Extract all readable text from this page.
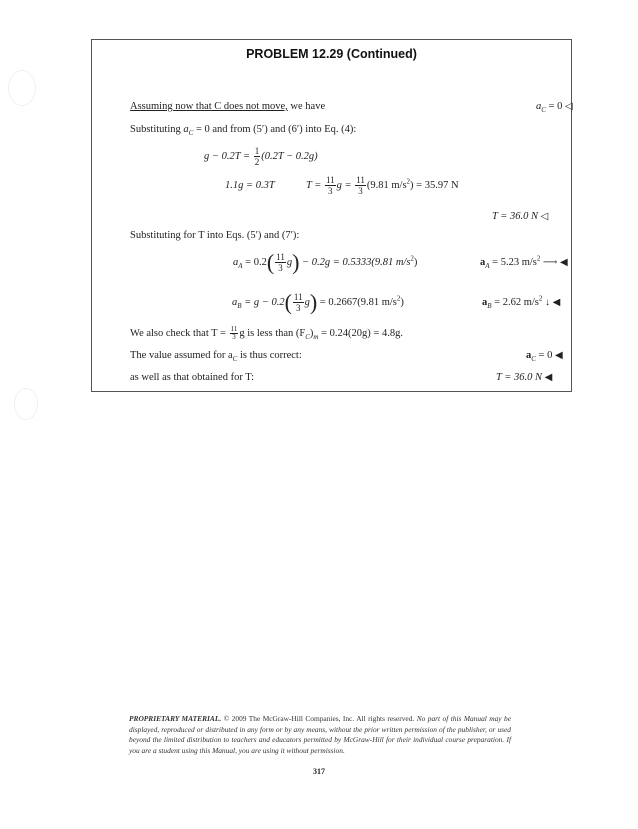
PROBLEM 12.29 (Continued)
Assuming now that C does not move, we have	$a_C = 0$ ◁
Substituting $a_C = 0$ and from (5′) and (6′) into Eq. (4):
$g - 0.2T = \frac{1}{2} (0.2T - 0.2g)$
1.1g = 0.3T	$T = \frac{11}{3}$ $g = \frac{11}{3} (9.81$ $m/s^2) = 35.97$ N
T = 36.0 N ◁
Substituting for T into Eqs. (5′) and (7′):
$a_A = 0.2( \frac{11}{3} g) - 0.2g = 0.5333(9.81$ $m/s^2$)	$a_A = 5.23$ $m/s^2$ ⟶ ◀
$a_B = g - 0.2( \frac{11}{3} g) = 0.2667(9.81$ $m/s^2$)	$a_B = 2.62$ $m/s^2$ ↓ ◀
We also check that $T = \frac{11}{3}$ g is less than $(F_C)_m = 0.24(20g) = 4.8g$.
The value assumed for $a_C$ is thus correct:	$a_C = 0$ ◀
as well as that obtained for T:	T = 36.0 N ◀
PROPRIETARY MATERIAL. © 2009 The McGraw-Hill Companies, Inc. All rights reserved. No part of this Manual may be displayed, reproduced or distributed in any form or by any means, without the prior written permission of the publisher, or used beyond the limited distribution to teachers and educators permitted by McGraw-Hill for their individual course preparation. If you are a student using this Manual, you are using it without permission.
317
